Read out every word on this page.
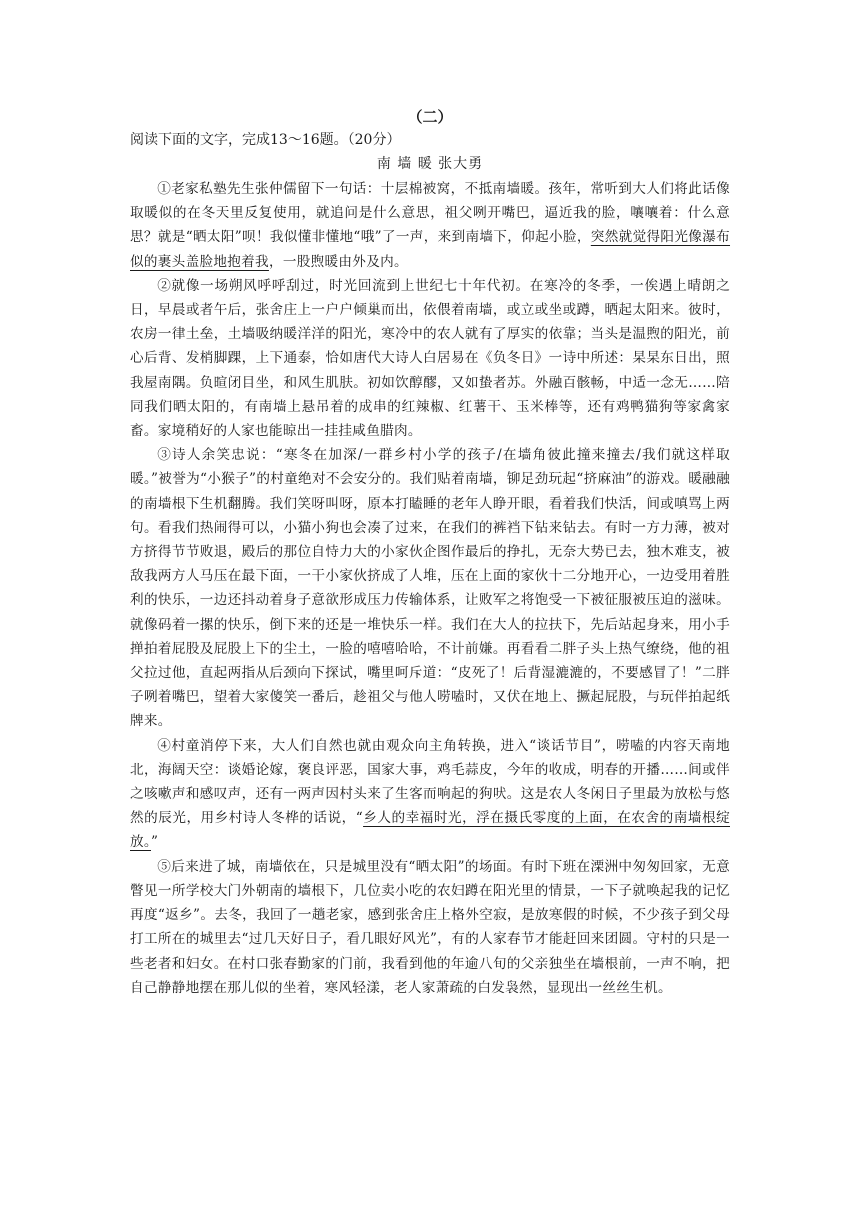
（二）

阅读下面的文字，完成13～16题。（20分）

南 墙 暖 张大勇

①老家私塾先生张仲儒留下一句话：十层棉被窝，不抵南墙暖。孩年，常听到大人们将此话像取暖似的在冬天里反复使用，就追问是什么意思，祖父咧开嘴巴，逼近我的脸，嚷嚷着：什么意思？就是“晒太阳”呗！我似懂非懂地“哦”了一声，来到南墙下，仰起小脸，突然就觉得阳光像瀑布似的裹头盖脸地抱着我，一股煦暖由外及内。

②就像一场朔风呼呼刮过，时光回流到上世纪七十年代初。在寒冷的冬季，一俟遇上晴朗之日，早晨或者午后，张舍庄上一户户倾巢而出，依偎着南墙，或立或坐或蹲，晒起太阳来。彼时，农房一律土垒，土墙吸纳暖洋洋的阳光，寒冷中的农人就有了厚实的依靠；当头是温煦的阳光，前心后背、发梢脚踝，上下通泰，恰如唐代大诗人白居易在《负冬日》一诗中所述：杲杲东日出，照我屋南隅。负暄闭目坐，和风生肌肤。初如饮醇醪，又如蛰者苏。外融百骸畅，中适一念无……陪同我们晒太阳的，有南墙上悬吊着的成串的红辣椒、红薯干、玉米棒等，还有鸡鸭猫狗等家禽家畜。家境稍好的人家也能晾出一挂挂咸鱼腊肉。

③诗人余笑忠说：“寒冬在加深/一群乡村小学的孩子/在墙角彼此撞来撞去/我们就这样取暖。”被誉为“小猴子”的村童绝对不会安分的。我们贴着南墙，铆足劲玩起“挤麻油”的游戏。暖融融的南墙根下生机翻腾。我们笑呀叫呀，原本打瞌睡的老年人睁开眼，看着我们快活，间或嗔骂上两句。看我们热闹得可以，小猫小狗也会凑了过来，在我们的裤裆下钻来钻去。有时一方力薄，被对方挤得节节败退，殿后的那位自恃力大的小家伙企图作最后的挣扎，无奈大势已去，独木难支，被敌我两方人马压在最下面，一干小家伙挤成了人堆，压在上面的家伙十二分地开心，一边受用着胜利的快乐，一边还抖动着身子意欲形成压力传输体系，让败军之将饱受一下被征服被压迫的滋味。就像码着一摞的快乐，倒下来的还是一堆快乐一样。我们在大人的拉扶下，先后站起身来，用小手掸拍着屁股及屁股上下的尘土，一脸的嘻嘻哈哈，不计前嫌。再看看二胖子头上热气缭绕，他的祖父拉过他，直起两指从后颈向下探试，嘴里呵斥道：“皮死了！后背湿漉漉的，不要感冒了！”二胖子咧着嘴巴，望着大家傻笑一番后，趁祖父与他人唠嗑时，又伏在地上、撅起屁股，与玩伴拍起纸牌来。

④村童消停下来，大人们自然也就由观众向主角转换，进入“谈话节目”，唠嗑的内容天南地北，海阔天空：谈婚论嫁，褒良评恶，国家大事，鸡毛蒜皮，今年的收成，明春的开播……间或伴之咳嗽声和感叹声，还有一两声因村头来了生客而响起的狗吠。这是农人冬闲日子里最为放松与悠然的辰光，用乡村诗人冬桦的话说，“乡人的幸福时光，浮在摄氏零度的上面，在农舍的南墙根绽放。”

⑤后来进了城，南墙依在，只是城里没有“晒太阳”的场面。有时下班在溧洲中匆匆回家，无意瞥见一所学校大门外朝南的墙根下，几位卖小吃的农妇蹲在阳光里的情景，一下子就唤起我的记忆再度“返乡”。去冬，我回了一趟老家，感到张舍庄上格外空寂，是放寒假的时候，不少孩子到父母打工所在的城里去“过几天好日子，看几眼好风光”，有的人家春节才能赶回来团圆。守村的只是一些老者和妇女。在村口张春勤家的门前，我看到他的年逾八旬的父亲独坐在墙根前，一声不响，把自己静静地摆在那儿似的坐着，寒风轻漾，老人家萧疏的白发袅然，显现出一丝丝生机。
